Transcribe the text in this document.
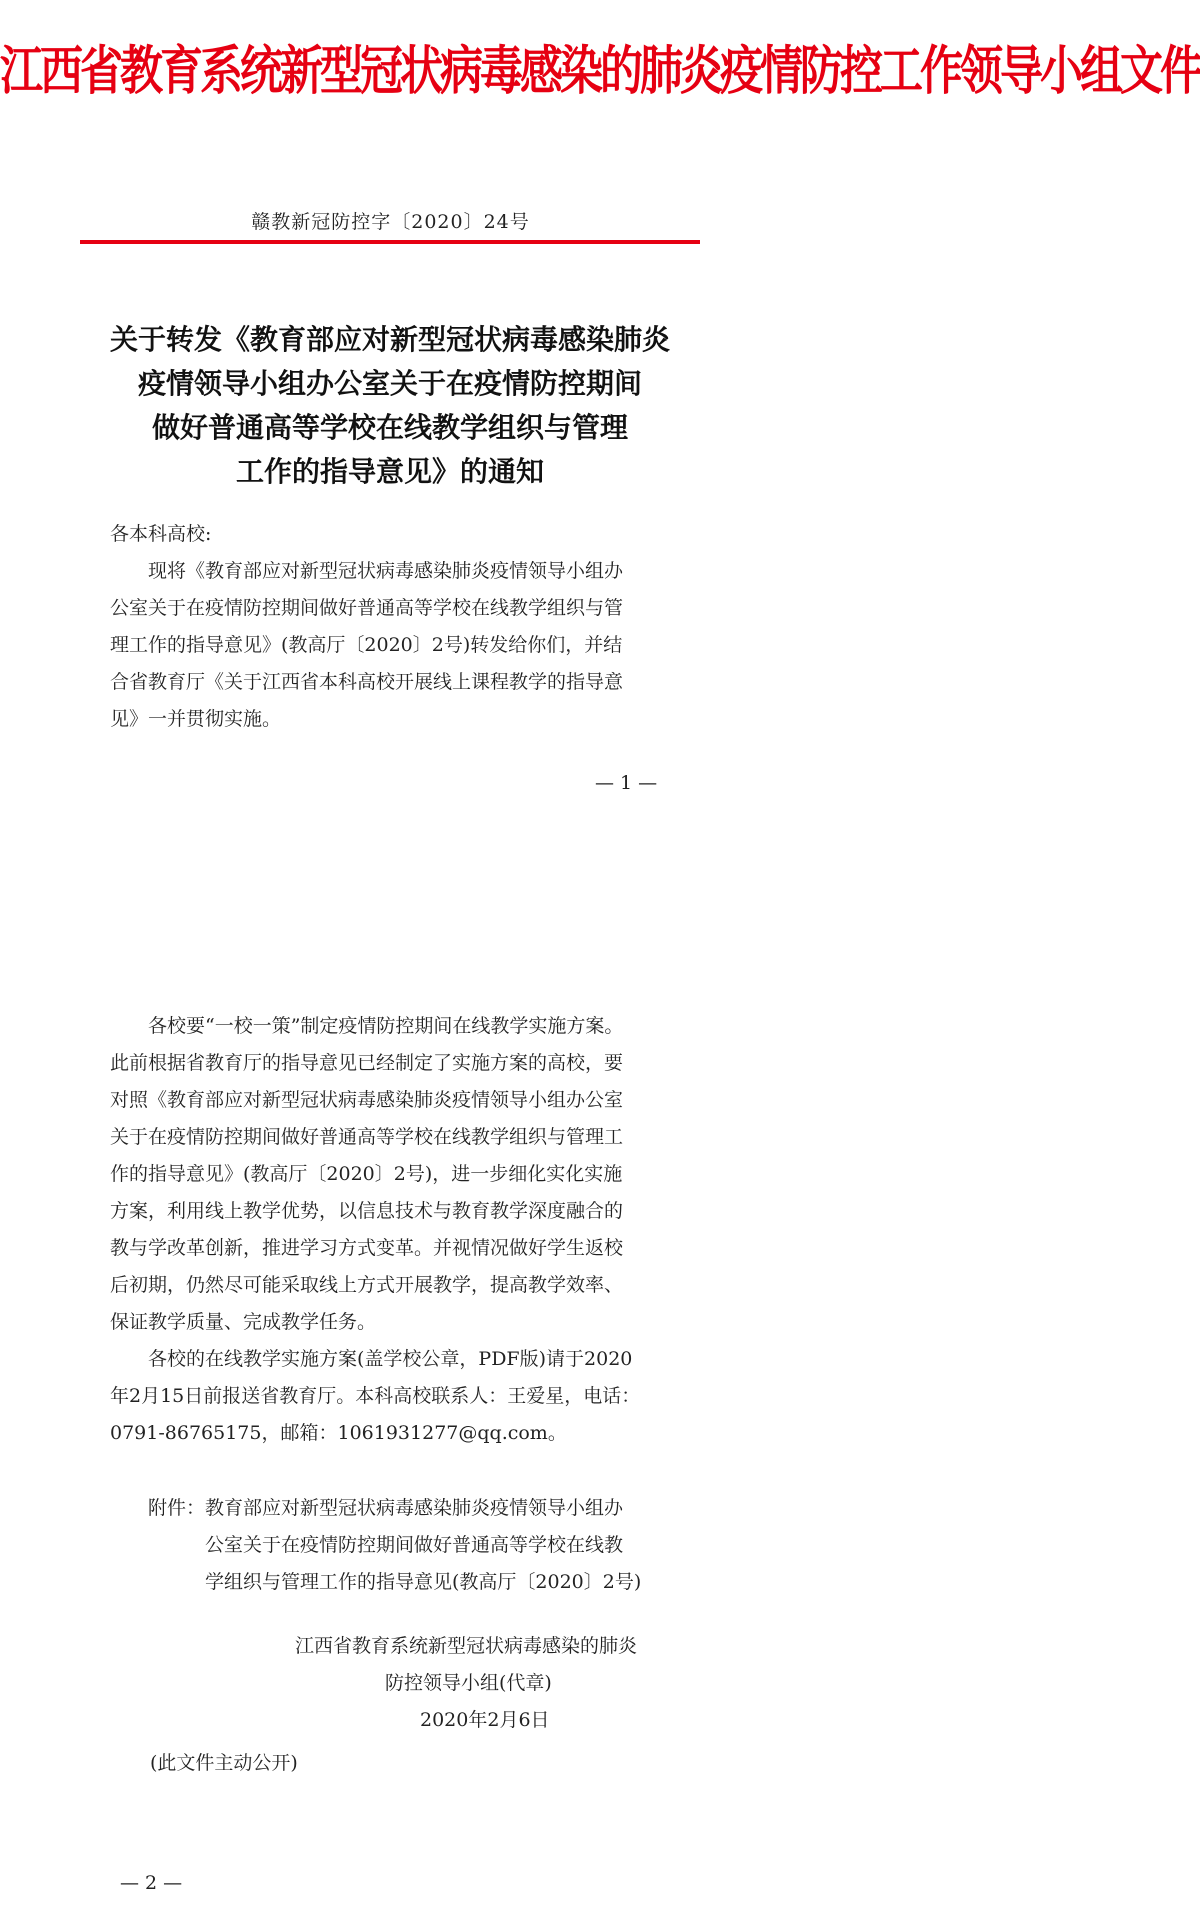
江西省教育系统新型冠状病毒感染的肺炎疫情防控工作领导小组文件
赣教新冠防控字〔2020〕24号
关于转发《教育部应对新型冠状病毒感染肺炎
疫情领导小组办公室关于在疫情防控期间
做好普通高等学校在线教学组织与管理
工作的指导意见》的通知
各本科高校:
现将《教育部应对新型冠状病毒感染肺炎疫情领导小组办
公室关于在疫情防控期间做好普通高等学校在线教学组织与管
理工作的指导意见》(教高厅〔2020〕2号)转发给你们，并结
合省教育厅《关于江西省本科高校开展线上课程教学的指导意
见》一并贯彻实施。
— 1 —
各校要“一校一策”制定疫情防控期间在线教学实施方案。
此前根据省教育厅的指导意见已经制定了实施方案的高校，要
对照《教育部应对新型冠状病毒感染肺炎疫情领导小组办公室
关于在疫情防控期间做好普通高等学校在线教学组织与管理工
作的指导意见》(教高厅〔2020〕2号)，进一步细化实化实施
方案，利用线上教学优势，以信息技术与教育教学深度融合的
教与学改革创新，推进学习方式变革。并视情况做好学生返校
后初期，仍然尽可能采取线上方式开展教学，提高教学效率、
保证教学质量、完成教学任务。
各校的在线教学实施方案(盖学校公章，PDF版)请于2020
年2月15日前报送省教育厅。本科高校联系人：王爱星，电话：
0791-86765175，邮箱：1061931277@qq.com。
附件：教育部应对新型冠状病毒感染肺炎疫情领导小组办
公室关于在疫情防控期间做好普通高等学校在线教
学组织与管理工作的指导意见(教高厅〔2020〕2号)
江西省教育系统新型冠状病毒感染的肺炎
防控领导小组(代章)
2020年2月6日
(此文件主动公开)
— 2 —
